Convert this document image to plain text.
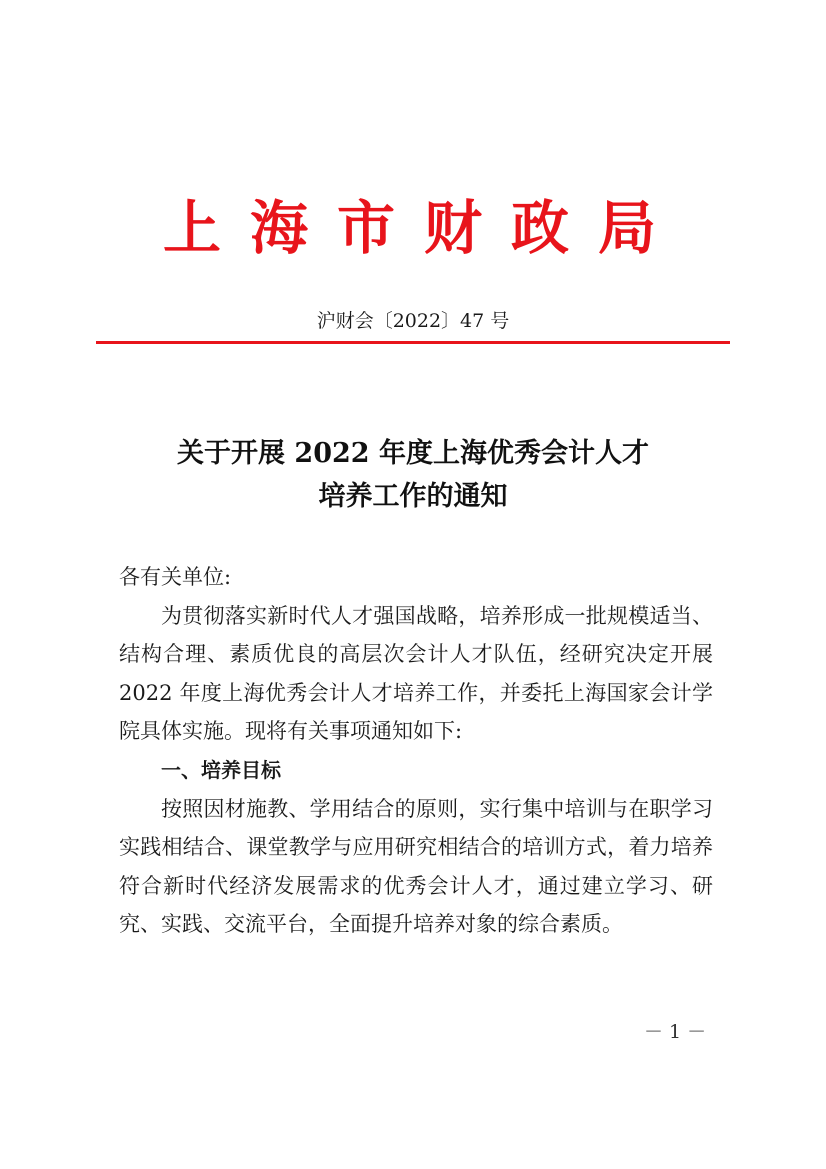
上海市财政局
沪财会〔2022〕47 号
关于开展 2022 年度上海优秀会计人才
培养工作的通知

各有关单位:

为贯彻落实新时代人才强国战略，培养形成一批规模适当、结构合理、素质优良的高层次会计人才队伍，经研究决定开展 2022 年度上海优秀会计人才培养工作，并委托上海国家会计学院具体实施。现将有关事项通知如下:

一、培养目标

按照因材施教、学用结合的原则，实行集中培训与在职学习实践相结合、课堂教学与应用研究相结合的培训方式，着力培养符合新时代经济发展需求的优秀会计人才，通过建立学习、研究、实践、交流平台，全面提升培养对象的综合素质。

－ 1 －
